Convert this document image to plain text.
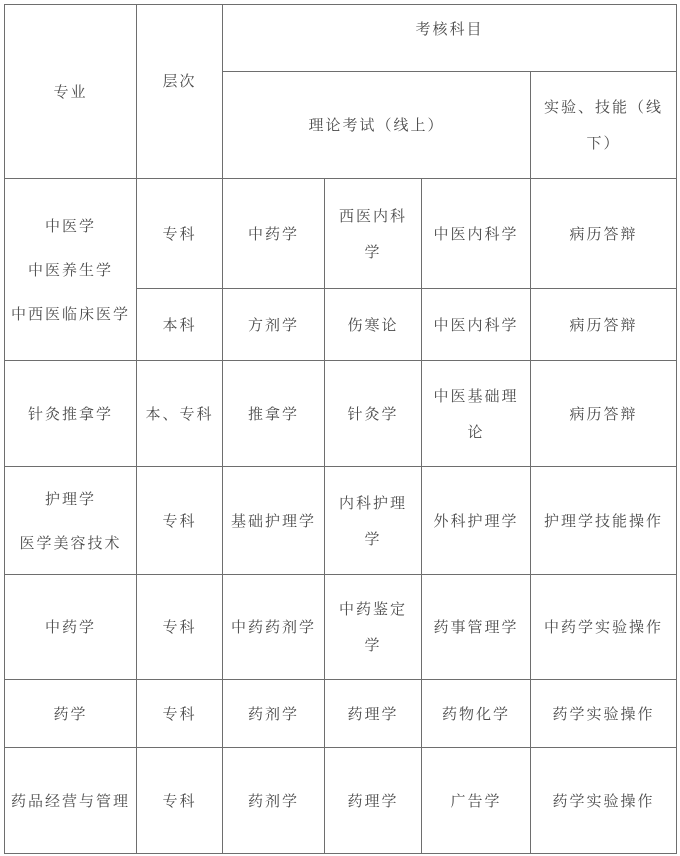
专业	层次	考核科目			
		理论考试（线上）			实验、技能（线下）

中医学
中医养生学
中西医临床医学	专科	中药学	西医内科学	中医内科学	病历答辩
	本科	方剂学	伤寒论	中医内科学	病历答辩
针灸推拿学	本、专科	推拿学	针灸学	中医基础理论	病历答辩

护理学
医学美容技术	专科	基础护理学	内科护理学	外科护理学	护理学技能操作
中药学	专科	中药药剂学	中药鉴定学	药事管理学	中药学实验操作
药学	专科	药剂学	药理学	药物化学	药学实验操作
药品经营与管理	专科	药剂学	药理学	广告学	药学实验操作
